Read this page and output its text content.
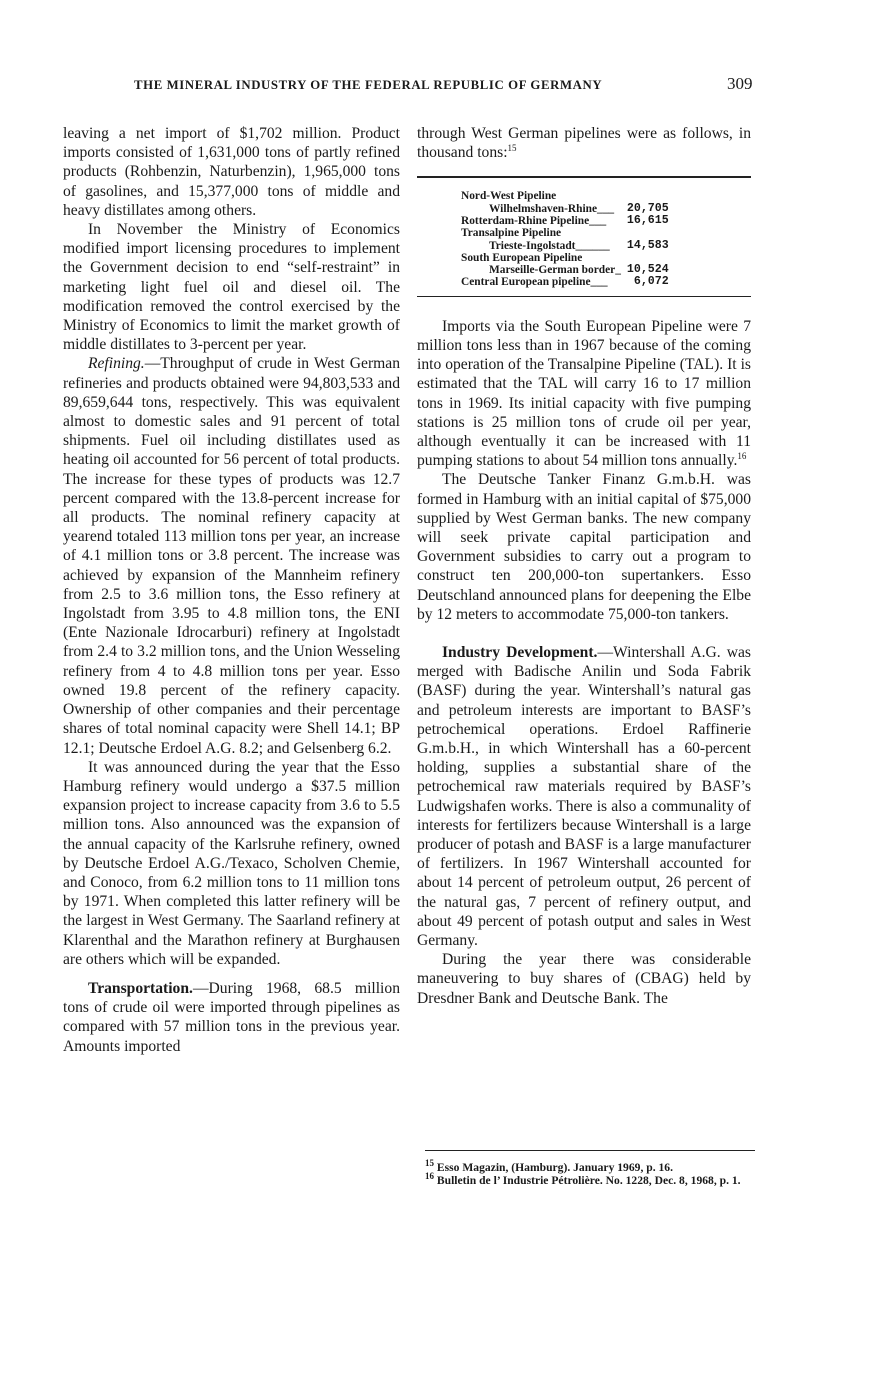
THE MINERAL INDUSTRY OF THE FEDERAL REPUBLIC OF GERMANY	309

leaving a net import of $1,702 million. Product imports consisted of 1,631,000 tons of partly refined products (Rohbenzin, Naturbenzin), 1,965,000 tons of gasolines, and 15,377,000 tons of middle and heavy distillates among others.

In November the Ministry of Economics modified import licensing procedures to implement the Government decision to end “self-restraint” in marketing light fuel oil and diesel oil. The modification removed the control exercised by the Ministry of Economics to limit the market growth of middle distillates to 3-percent per year.

Refining.—Throughput of crude in West German refineries and products obtained were 94,803,533 and 89,659,644 tons, respectively. This was equivalent almost to domestic sales and 91 percent of total shipments. Fuel oil including distillates used as heating oil accounted for 56 percent of total products. The increase for these types of products was 12.7 percent compared with the 13.8-percent increase for all products. The nominal refinery capacity at yearend totaled 113 million tons per year, an increase of 4.1 million tons or 3.8 percent. The increase was achieved by expansion of the Mannheim refinery from 2.5 to 3.6 million tons, the Esso refinery at Ingolstadt from 3.95 to 4.8 million tons, the ENI (Ente Nazionale Idrocarburi) refinery at Ingolstadt from 2.4 to 3.2 million tons, and the Union Wesseling refinery from 4 to 4.8 million tons per year. Esso owned 19.8 percent of the refinery capacity. Ownership of other companies and their percentage shares of total nominal capacity were Shell 14.1; BP 12.1; Deutsche Erdoel A.G. 8.2; and Gelsenberg 6.2.

It was announced during the year that the Esso Hamburg refinery would undergo a $37.5 million expansion project to increase capacity from 3.6 to 5.5 million tons. Also announced was the expansion of the annual capacity of the Karlsruhe refinery, owned by Deutsche Erdoel A.G./Texaco, Scholven Chemie, and Conoco, from 6.2 million tons to 11 million tons by 1971. When completed this latter refinery will be the largest in West Germany. The Saarland refinery at Klarenthal and the Marathon refinery at Burghausen are others which will be expanded.

Transportation.—During 1968, 68.5 million tons of crude oil were imported through pipelines as compared with 57 million tons in the previous year. Amounts imported

through West German pipelines were as follows, in thousand tons:$^{15}$

Nord-West Pipeline	
Wilhelmshaven-Rhine___	20,705
Rotterdam-Rhine Pipeline___	16,615
Transalpine Pipeline	
Trieste-Ingolstadt______	14,583
South European Pipeline	
Marseille-German border_	10,524
Central European pipeline___	6,072

Imports via the South European Pipeline were 7 million tons less than in 1967 because of the coming into operation of the Transalpine Pipeline (TAL). It is estimated that the TAL will carry 16 to 17 million tons in 1969. Its initial capacity with five pumping stations is 25 million tons of crude oil per year, although eventually it can be increased with 11 pumping stations to about 54 million tons annually.$^{16}$

The Deutsche Tanker Finanz G.m.b.H. was formed in Hamburg with an initial capital of $75,000 supplied by West German banks. The new company will seek private capital participation and Government subsidies to carry out a program to construct ten 200,000-ton supertankers. Esso Deutschland announced plans for deepening the Elbe by 12 meters to accommodate 75,000-ton tankers.

Industry Development.—Wintershall A.G. was merged with Badische Anilin und Soda Fabrik (BASF) during the year. Wintershall’s natural gas and petroleum interests are important to BASF’s petrochemical operations. Erdoel Raffinerie G.m.b.H., in which Wintershall has a 60-percent holding, supplies a substantial share of the petrochemical raw materials required by BASF’s Ludwigshafen works. There is also a communality of interests for fertilizers because Wintershall is a large producer of potash and BASF is a large manufacturer of fertilizers. In 1967 Wintershall accounted for about 14 percent of petroleum output, 26 percent of the natural gas, 7 percent of refinery output, and about 49 percent of potash output and sales in West Germany.

During the year there was considerable maneuvering to buy shares of (CBAG) held by Dresdner Bank and Deutsche Bank. The

$^{15}$ Esso Magazin, (Hamburg). January 1969, p. 16.
$^{16}$ Bulletin de l’ Industrie Pétrolière. No. 1228, Dec. 8, 1968, p. 1.
